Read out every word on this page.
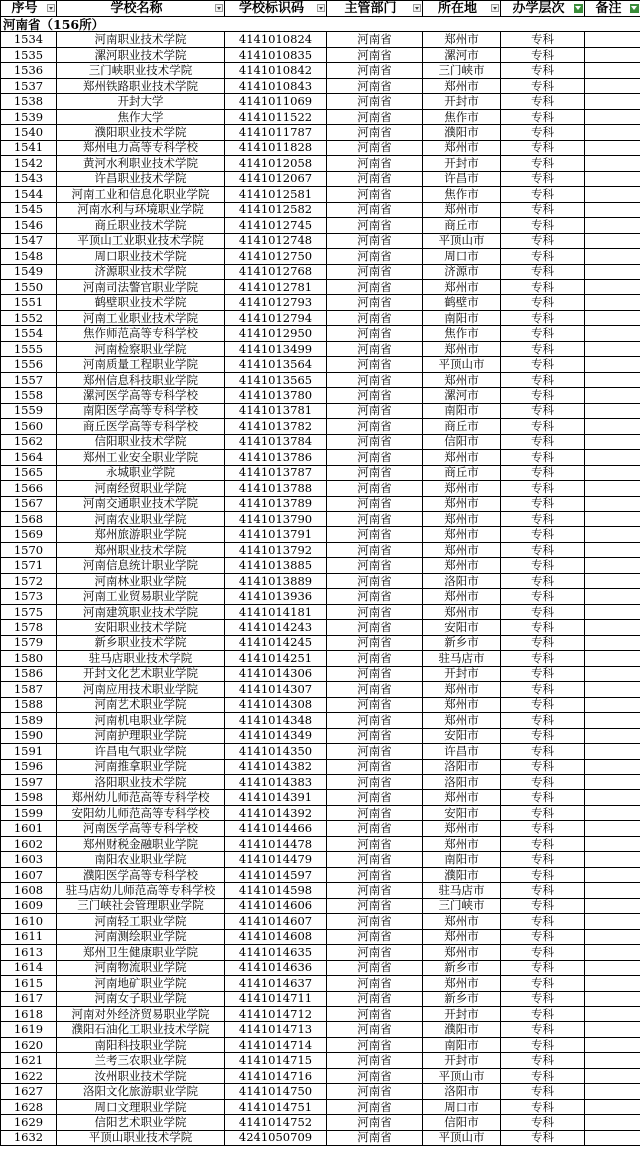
序号	学校名称	学校标识码	主管部门	所在地	办学层次	备注

河南省（156所）						
1534	河南职业技术学院	4141010824	河南省	郑州市	专科	
1535	漯河职业技术学院	4141010835	河南省	漯河市	专科	
1536	三门峡职业技术学院	4141010842	河南省	三门峡市	专科	
1537	郑州铁路职业技术学院	4141010843	河南省	郑州市	专科	
1538	开封大学	4141011069	河南省	开封市	专科	
1539	焦作大学	4141011522	河南省	焦作市	专科	
1540	濮阳职业技术学院	4141011787	河南省	濮阳市	专科	
1541	郑州电力高等专科学校	4141011828	河南省	郑州市	专科	
1542	黄河水利职业技术学院	4141012058	河南省	开封市	专科	
1543	许昌职业技术学院	4141012067	河南省	许昌市	专科	
1544	河南工业和信息化职业学院	4141012581	河南省	焦作市	专科	
1545	河南水利与环境职业学院	4141012582	河南省	郑州市	专科	
1546	商丘职业技术学院	4141012745	河南省	商丘市	专科	
1547	平顶山工业职业技术学院	4141012748	河南省	平顶山市	专科	
1548	周口职业技术学院	4141012750	河南省	周口市	专科	
1549	济源职业技术学院	4141012768	河南省	济源市	专科	
1550	河南司法警官职业学院	4141012781	河南省	郑州市	专科	
1551	鹤壁职业技术学院	4141012793	河南省	鹤壁市	专科	
1552	河南工业职业技术学院	4141012794	河南省	南阳市	专科	
1554	焦作师范高等专科学校	4141012950	河南省	焦作市	专科	
1555	河南检察职业学院	4141013499	河南省	郑州市	专科	
1556	河南质量工程职业学院	4141013564	河南省	平顶山市	专科	
1557	郑州信息科技职业学院	4141013565	河南省	郑州市	专科	
1558	漯河医学高等专科学校	4141013780	河南省	漯河市	专科	
1559	南阳医学高等专科学校	4141013781	河南省	南阳市	专科	
1560	商丘医学高等专科学校	4141013782	河南省	商丘市	专科	
1562	信阳职业技术学院	4141013784	河南省	信阳市	专科	
1564	郑州工业安全职业学院	4141013786	河南省	郑州市	专科	
1565	永城职业学院	4141013787	河南省	商丘市	专科	
1566	河南经贸职业学院	4141013788	河南省	郑州市	专科	
1567	河南交通职业技术学院	4141013789	河南省	郑州市	专科	
1568	河南农业职业学院	4141013790	河南省	郑州市	专科	
1569	郑州旅游职业学院	4141013791	河南省	郑州市	专科	
1570	郑州职业技术学院	4141013792	河南省	郑州市	专科	
1571	河南信息统计职业学院	4141013885	河南省	郑州市	专科	
1572	河南林业职业学院	4141013889	河南省	洛阳市	专科	
1573	河南工业贸易职业学院	4141013936	河南省	郑州市	专科	
1575	河南建筑职业技术学院	4141014181	河南省	郑州市	专科	
1578	安阳职业技术学院	4141014243	河南省	安阳市	专科	
1579	新乡职业技术学院	4141014245	河南省	新乡市	专科	
1580	驻马店职业技术学院	4141014251	河南省	驻马店市	专科	
1586	开封文化艺术职业学院	4141014306	河南省	开封市	专科	
1587	河南应用技术职业学院	4141014307	河南省	郑州市	专科	
1588	河南艺术职业学院	4141014308	河南省	郑州市	专科	
1589	河南机电职业学院	4141014348	河南省	郑州市	专科	
1590	河南护理职业学院	4141014349	河南省	安阳市	专科	
1591	许昌电气职业学院	4141014350	河南省	许昌市	专科	
1596	河南推拿职业学院	4141014382	河南省	洛阳市	专科	
1597	洛阳职业技术学院	4141014383	河南省	洛阳市	专科	
1598	郑州幼儿师范高等专科学校	4141014391	河南省	郑州市	专科	
1599	安阳幼儿师范高等专科学校	4141014392	河南省	安阳市	专科	
1601	河南医学高等专科学校	4141014466	河南省	郑州市	专科	
1602	郑州财税金融职业学院	4141014478	河南省	郑州市	专科	
1603	南阳农业职业学院	4141014479	河南省	南阳市	专科	
1607	濮阳医学高等专科学校	4141014597	河南省	濮阳市	专科	
1608	驻马店幼儿师范高等专科学校	4141014598	河南省	驻马店市	专科	
1609	三门峡社会管理职业学院	4141014606	河南省	三门峡市	专科	
1610	河南轻工职业学院	4141014607	河南省	郑州市	专科	
1611	河南测绘职业学院	4141014608	河南省	郑州市	专科	
1613	郑州卫生健康职业学院	4141014635	河南省	郑州市	专科	
1614	河南物流职业学院	4141014636	河南省	新乡市	专科	
1615	河南地矿职业学院	4141014637	河南省	郑州市	专科	
1617	河南女子职业学院	4141014711	河南省	新乡市	专科	
1618	河南对外经济贸易职业学院	4141014712	河南省	开封市	专科	
1619	濮阳石油化工职业技术学院	4141014713	河南省	濮阳市	专科	
1620	南阳科技职业学院	4141014714	河南省	南阳市	专科	
1621	兰考三农职业学院	4141014715	河南省	开封市	专科	
1622	汝州职业技术学院	4141014716	河南省	平顶山市	专科	
1627	洛阳文化旅游职业学院	4141014750	河南省	洛阳市	专科	
1628	周口文理职业学院	4141014751	河南省	周口市	专科	
1629	信阳艺术职业学院	4141014752	河南省	信阳市	专科	
1632	平顶山职业技术学院	4241050709	河南省	平顶山市	专科	
